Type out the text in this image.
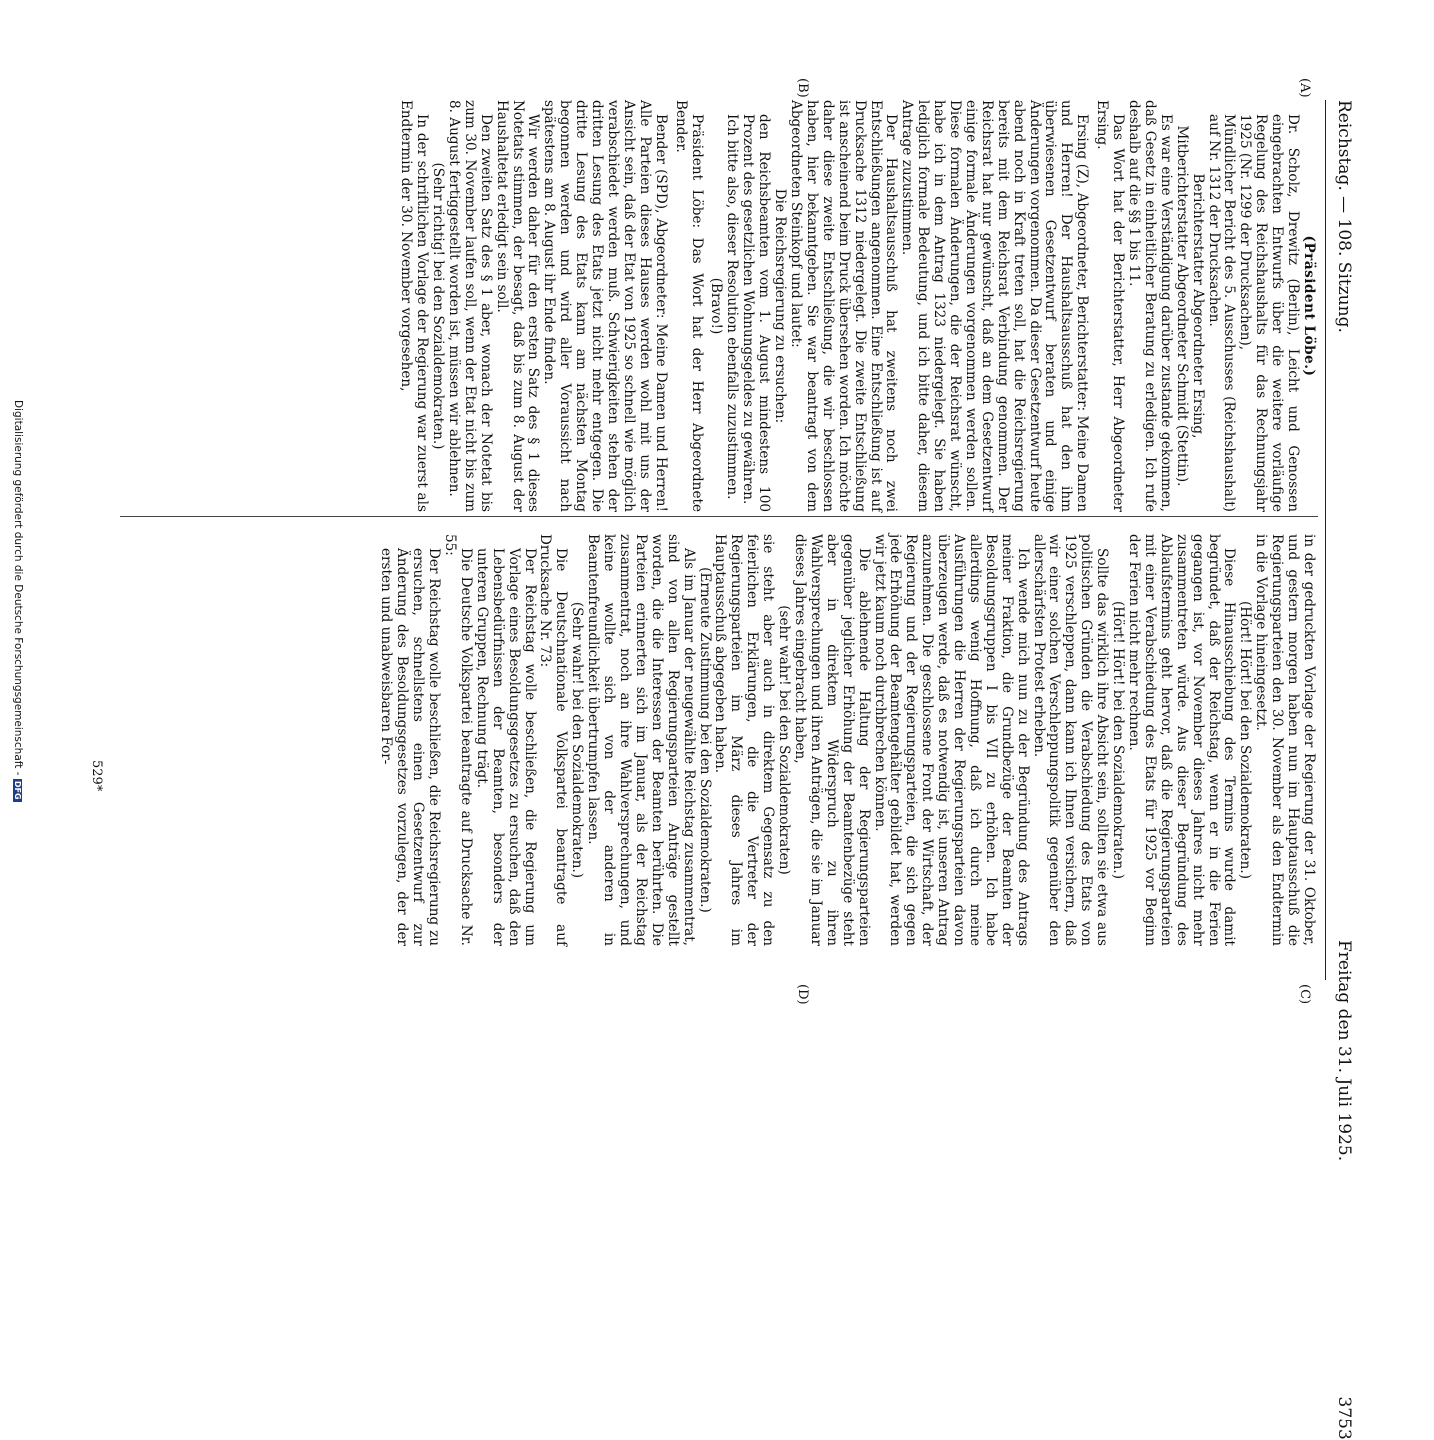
Reichstag. — 108. Sitzung.
Freitag den 31. Juli 1925. 3753
(A)
(B)
(C)
(D)

(Präsident Löbe.)

Dr. Scholz, Drewitz (Berlin), Leicht und Genossen eingebrachten Entwurfs über die weitere vorläufige Regelung des Reichshaushalts für das Rechnungsjahr 1925 (Nr. 1299 der Drucksachen),

Mündlicher Bericht des 5. Ausschusses (Reichshaushalt) auf Nr. 1312 der Drucksachen.

Berichterstatter Abgeordneter Ersing,

Mitberichterstatter Abgeordneter Schmidt (Stettin).

Es war eine Verständigung darüber zustande gekommen, daß Gesetz in einheitlicher Beratung zu erledigen. Ich rufe deshalb auf die §§ 1 bis 11.

Das Wort hat der Berichterstatter, Herr Abgeordneter Ersing.

Ersing (Z), Abgeordneter, Berichterstatter: Meine Damen und Herren! Der Haushaltsausschuß hat den ihm überwiesenen Gesetzentwurf beraten und einige Änderungen vorgenommen. Da dieser Gesetzentwurf heute abend noch in Kraft treten soll, hat die Reichsregierung bereits mit dem Reichsrat Verbindung genommen. Der Reichsrat hat nur gewünscht, daß an dem Gesetzentwurf einige formale Änderungen vorgenommen werden sollen. Diese formalen Änderungen, die der Reichsrat wünscht, habe ich in dem Antrag 1323 niedergelegt. Sie haben lediglich formale Bedeutung, und ich bitte daher, diesem Antrage zuzustimmen.

Der Haushaltsausschuß hat zweitens noch zwei Entschließungen angenommen. Eine Entschließung ist auf Drucksache 1312 niedergelegt. Die zweite Entschließung ist anscheinend beim Druck übersehen worden. Ich möchte daher diese zweite Entschließung, die wir beschlossen haben, hier bekanntgeben. Sie war beantragt von dem Abgeordneten Steinkopf und lautet:

Die Reichsregierung zu ersuchen:

den Reichsbeamten vom 1. August mindestens 100 Prozent des gesetzlichen Wohnungsgeldes zu gewähren.

Ich bitte also, dieser Resolution ebenfalls zuzustimmen.

(Bravo!)

Präsident Löbe: Das Wort hat der Herr Abgeordnete Bender.

Bender (SPD), Abgeordneter: Meine Damen und Herren! Alle Parteien dieses Hauses werden wohl mit uns der Ansicht sein, daß der Etat von 1925 so schnell wie möglich verabschiedet werden muß. Schwierigkeiten stehen der dritten Lesung des Etats jetzt nicht mehr entgegen. Die dritte Lesung des Etats kann am nächsten Montag begonnen werden und wird aller Voraussicht nach spätestens am 8. August ihr Ende finden.

Wir werden daher für den ersten Satz des § 1 dieses Notetats stimmen, der besagt, daß bis zum 8. August der Haushaltetat erledigt sein soll.

Den zweiten Satz des § 1 aber, wonach der Notetat bis zum 30. November laufen soll, wenn der Etat nicht bis zum 8. August fertiggestellt worden ist, müssen wir ablehnen.

(Sehr richtig! bei den Sozialdemokraten.)

In der schriftlichen Vorlage der Regierung war zuerst als Endtermin der 30. November vorgesehen,

in der gedruckten Vorlage der Regierung der 31. Oktober, und gestern morgen haben nun im Hauptausschuß die Regierungsparteien den 30. November als den Endtermin in die Vorlage hineingesetzt.

(Hört! Hört! bei den Sozialdemokraten.)

Diese Hinausschiebung des Termins wurde damit begründet, daß der Reichstag, wenn er in die Ferien gegangen ist, vor November dieses Jahres nicht mehr zusammentreten würde. Aus dieser Begründung des Ablaufstermins geht hervor, daß die Regierungsparteien mit einer Verabschiedung des Etats für 1925 vor Beginn der Ferien nicht mehr rechnen.

(Hört! Hört! bei den Sozialdemokraten.)

Sollte das wirklich ihre Absicht sein, sollten sie etwa aus politischen Gründen die Verabschiedung des Etats von 1925 verschleppen, dann kann ich Ihnen versichern, daß wir einer solchen Verschleppungspolitik gegenüber den allerschärfsten Protest erheben.

Ich wende mich nun zu der Begründung des Antrags meiner Fraktion, die Grundbezüge der Beamten der Besoldungsgruppen I bis VII zu erhöhen. Ich habe allerdings wenig Hoffnung, daß ich durch meine Ausführungen die Herren der Regierungsparteien davon überzeugen werde, daß es notwendig ist, unseren Antrag anzunehmen. Die geschlossene Front der Wirtschaft, der Regierung und der Regierungsparteien, die sich gegen jede Erhöhung der Beamtengehälter gebildet hat, werden wir jetzt kaum noch durchbrechen können.

Die ablehnende Haltung der Regierungsparteien gegenüber jeglicher Erhöhung der Beamtenbezüge steht aber in direktem Widerspruch zu ihren Wahlversprechungen und ihren Anträgen, die sie im Januar dieses Jahres eingebracht haben,

(sehr wahr! bei den Sozialdemokraten)

sie steht aber auch in direktem Gegensatz zu den feierlichen Erklärungen, die die Vertreter der Regierungsparteien im März dieses Jahres im Hauptausschuß abgegeben haben.

(Erneute Zustimmung bei den Sozialdemokraten.)

Als im Januar der neugewählte Reichstag zusammentrat, sind von allen Regierungsparteien Anträge gestellt worden, die die Interessen der Beamten berührten. Die Parteien erinnerten sich im Januar, als der Reichstag zusammentrat, noch an ihre Wahlversprechungen, und keine wollte sich von der anderen in Beamtenfreundlichkeit übertrumpfen lassen.

(Sehr wahr! bei den Sozialdemokraten.)

Die Deutschnationale Volkspartei beantragte auf Drucksache Nr. 73:

Der Reichstag wolle beschließen, die Regierung um Vorlage eines Besoldungsgesetzes zu ersuchen, daß den Lebensbedürfnissen der Beamten, besonders der unteren Gruppen, Rechnung trägt.

Die Deutsche Volkspartei beantragte auf Drucksache Nr. 55:

Der Reichstag wolle beschließen, die Reichsregierung zu ersuchen, schnellstens einen Gesetzentwurf zur Änderung des Besoldungsgesetzes vorzulegen, der der ersten und unabweisbaren For-

529*
Digitalisierung gefördert durch die Deutsche Forschungsgemeinschaft - DFG
